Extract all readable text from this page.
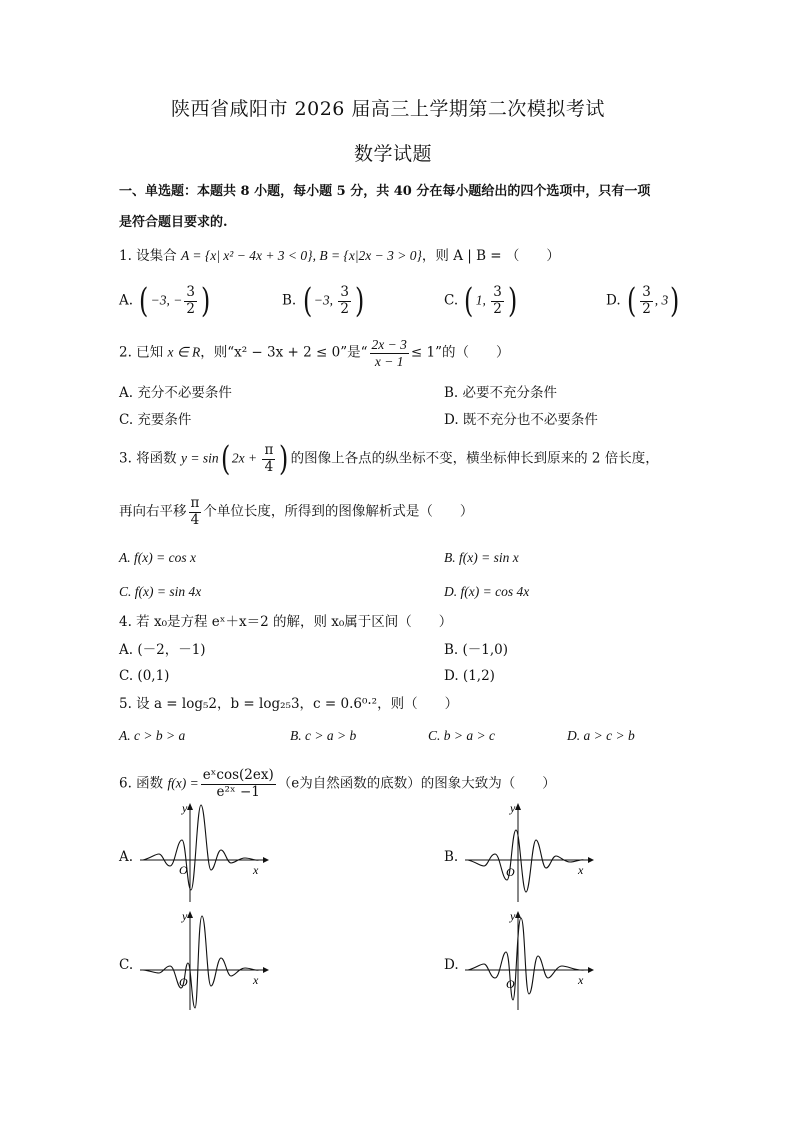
陕西省咸阳市 2026 届高三上学期第二次模拟考试
数学试题
一、单选题：本题共 8 小题，每小题 5 分，共 40 分在每小题给出的四个选项中，只有一项
是符合题目要求的.
1. 设集合 A = {x| x² − 4x + 3 < 0}, B = {x|2x − 3 > 0}，则 A | B = （　　）
A. ( −3, − $\frac{3}{2}$ )	B. ( −3, $\frac{3}{2}$ )	C. ( 1, $\frac{3}{2}$ )	D. ( $\frac{3}{2}$ , 3)
2. 已知 x ∈ R，则“x² − 3x + 2 ≤ 0”是“ $\frac{2x - 3}{x - 1} \le 1$”的（　　）
A. 充分不必要条件	B. 必要不充分条件
C. 充要条件	D. 既不充分也不必要条件
3. 将函数 y = sin( $2x + \frac{\pi}{4}$ ) 的图像上各点的纵坐标不变，横坐标伸长到原来的 2 倍长度，
再向右平移 $\frac{\pi}{4}$ 个单位长度，所得到的图像解析式是（　　）
A. f(x) = cos x	B. f(x) = sin x
C. f(x) = sin 4x	D. f(x) = cos 4x
4. 若 x₀是方程 eˣ＋x＝2 的解，则 x₀属于区间（　　）
A. (－2，－1)	B. (－1,0)
C. (0,1)	D. (1,2)
5. 设 a = log₅2，b = log₂₅3，c = 0.6⁰·²，则（　　）
A. c > b > a	B. c > a > b	C. b > a > c	D. a > c > b
6. 函数 $f(x) = \frac{\text{eˣcos(2ex)}}{\text{e²ˣ −1}} (e$为自然函数的底数）的图象大致为（　　）
A.	B.
C.	D.
O	x
y
O	x
y
O	x
y
O	x
y
